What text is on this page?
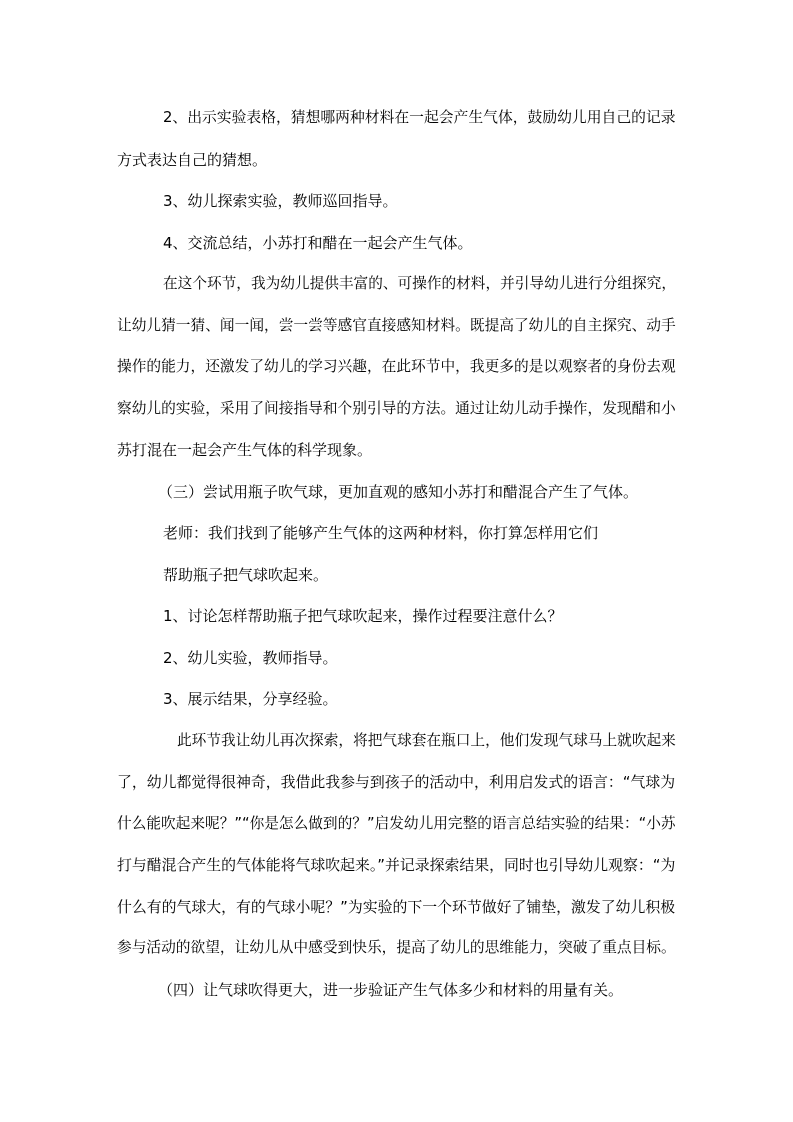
2、出示实验表格，猜想哪两种材料在一起会产生气体，鼓励幼儿用自己的记录
方式表达自己的猜想。
3、幼儿探索实验，教师巡回指导。
4、交流总结，小苏打和醋在一起会产生气体。
在这个环节，我为幼儿提供丰富的、可操作的材料，并引导幼儿进行分组探究，
让幼儿猜一猜、闻一闻，尝一尝等感官直接感知材料。既提高了幼儿的自主探究、动手
操作的能力，还激发了幼儿的学习兴趣，在此环节中，我更多的是以观察者的身份去观
察幼儿的实验，采用了间接指导和个别引导的方法。通过让幼儿动手操作，发现醋和小
苏打混在一起会产生气体的科学现象。
（三）尝试用瓶子吹气球，更加直观的感知小苏打和醋混合产生了气体。
老师：我们找到了能够产生气体的这两种材料，你打算怎样用它们
帮助瓶子把气球吹起来。
1、讨论怎样帮助瓶子把气球吹起来，操作过程要注意什么？
2、幼儿实验，教师指导。
3、展示结果，分享经验。
此环节我让幼儿再次探索，将把气球套在瓶口上，他们发现气球马上就吹起来
了，幼儿都觉得很神奇，我借此我参与到孩子的活动中，利用启发式的语言：“气球为
什么能吹起来呢？”“你是怎么做到的？”启发幼儿用完整的语言总结实验的结果：“小苏
打与醋混合产生的气体能将气球吹起来。”并记录探索结果，同时也引导幼儿观察：“为
什么有的气球大，有的气球小呢？”为实验的下一个环节做好了铺垫，激发了幼儿积极
参与活动的欲望，让幼儿从中感受到快乐，提高了幼儿的思维能力，突破了重点目标。
（四）让气球吹得更大，进一步验证产生气体多少和材料的用量有关。
